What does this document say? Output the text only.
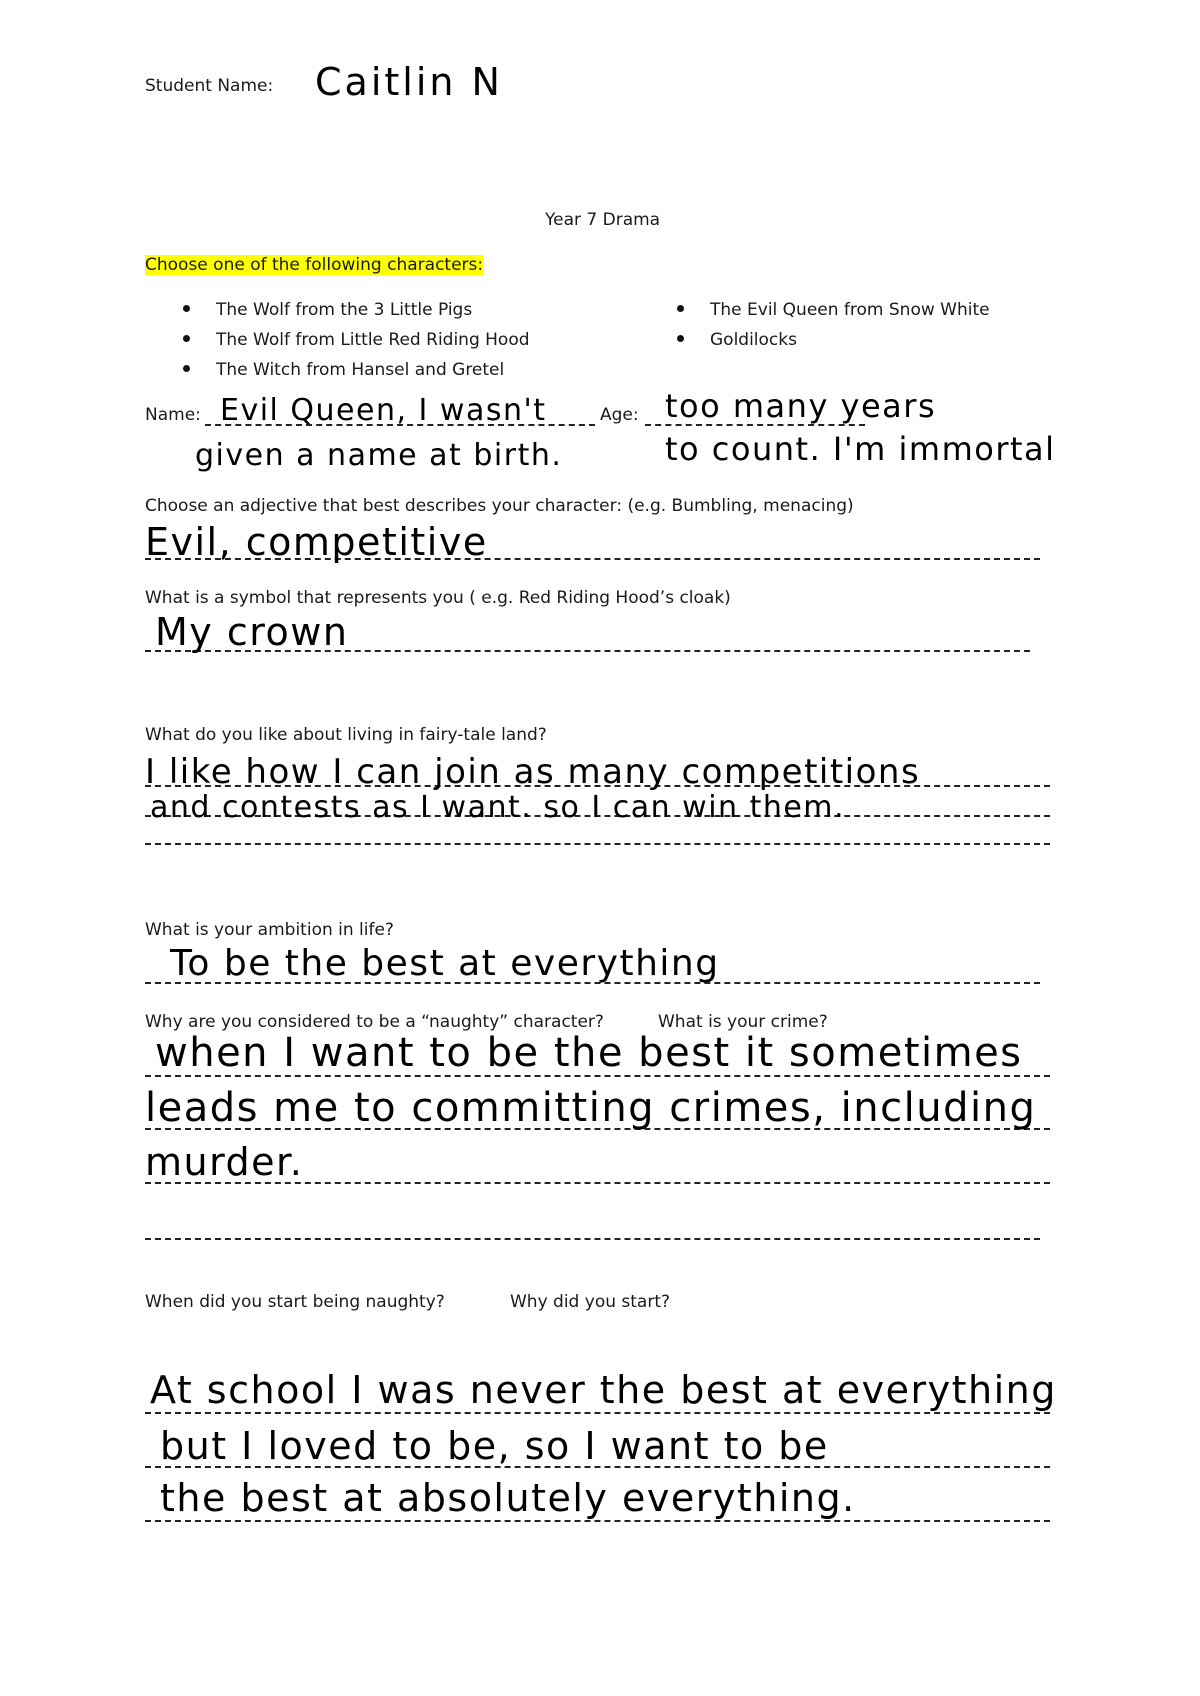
Student Name: Caitlin N
Year 7 Drama
Choose one of the following characters:
The Wolf from the 3 Little Pigs
The Wolf from Little Red Riding Hood
The Witch from Hansel and Gretel
The Evil Queen from Snow White
Goldilocks
Name: Evil Queen, I wasn't
given a name at birth.
Age: too many years
to count. I'm immortal
Choose an adjective that best describes your character: (e.g. Bumbling, menacing)
Evil, competitive
What is a symbol that represents you ( e.g. Red Riding Hood’s cloak)
My crown
What do you like about living in fairy-tale land?
I like how I can join as many competitions
and contests as I want. so I can win them.
What is your ambition in life?
To be the best at everything
Why are you considered to be a “naughty” character?	What is your crime?
when I want to be the best it sometimes
leads me to committing crimes, including
murder.
When did you start being naughty?	Why did you start?
At school I was never the best at everything
but I loved to be, so I want to be
the best at absolutely everything.
